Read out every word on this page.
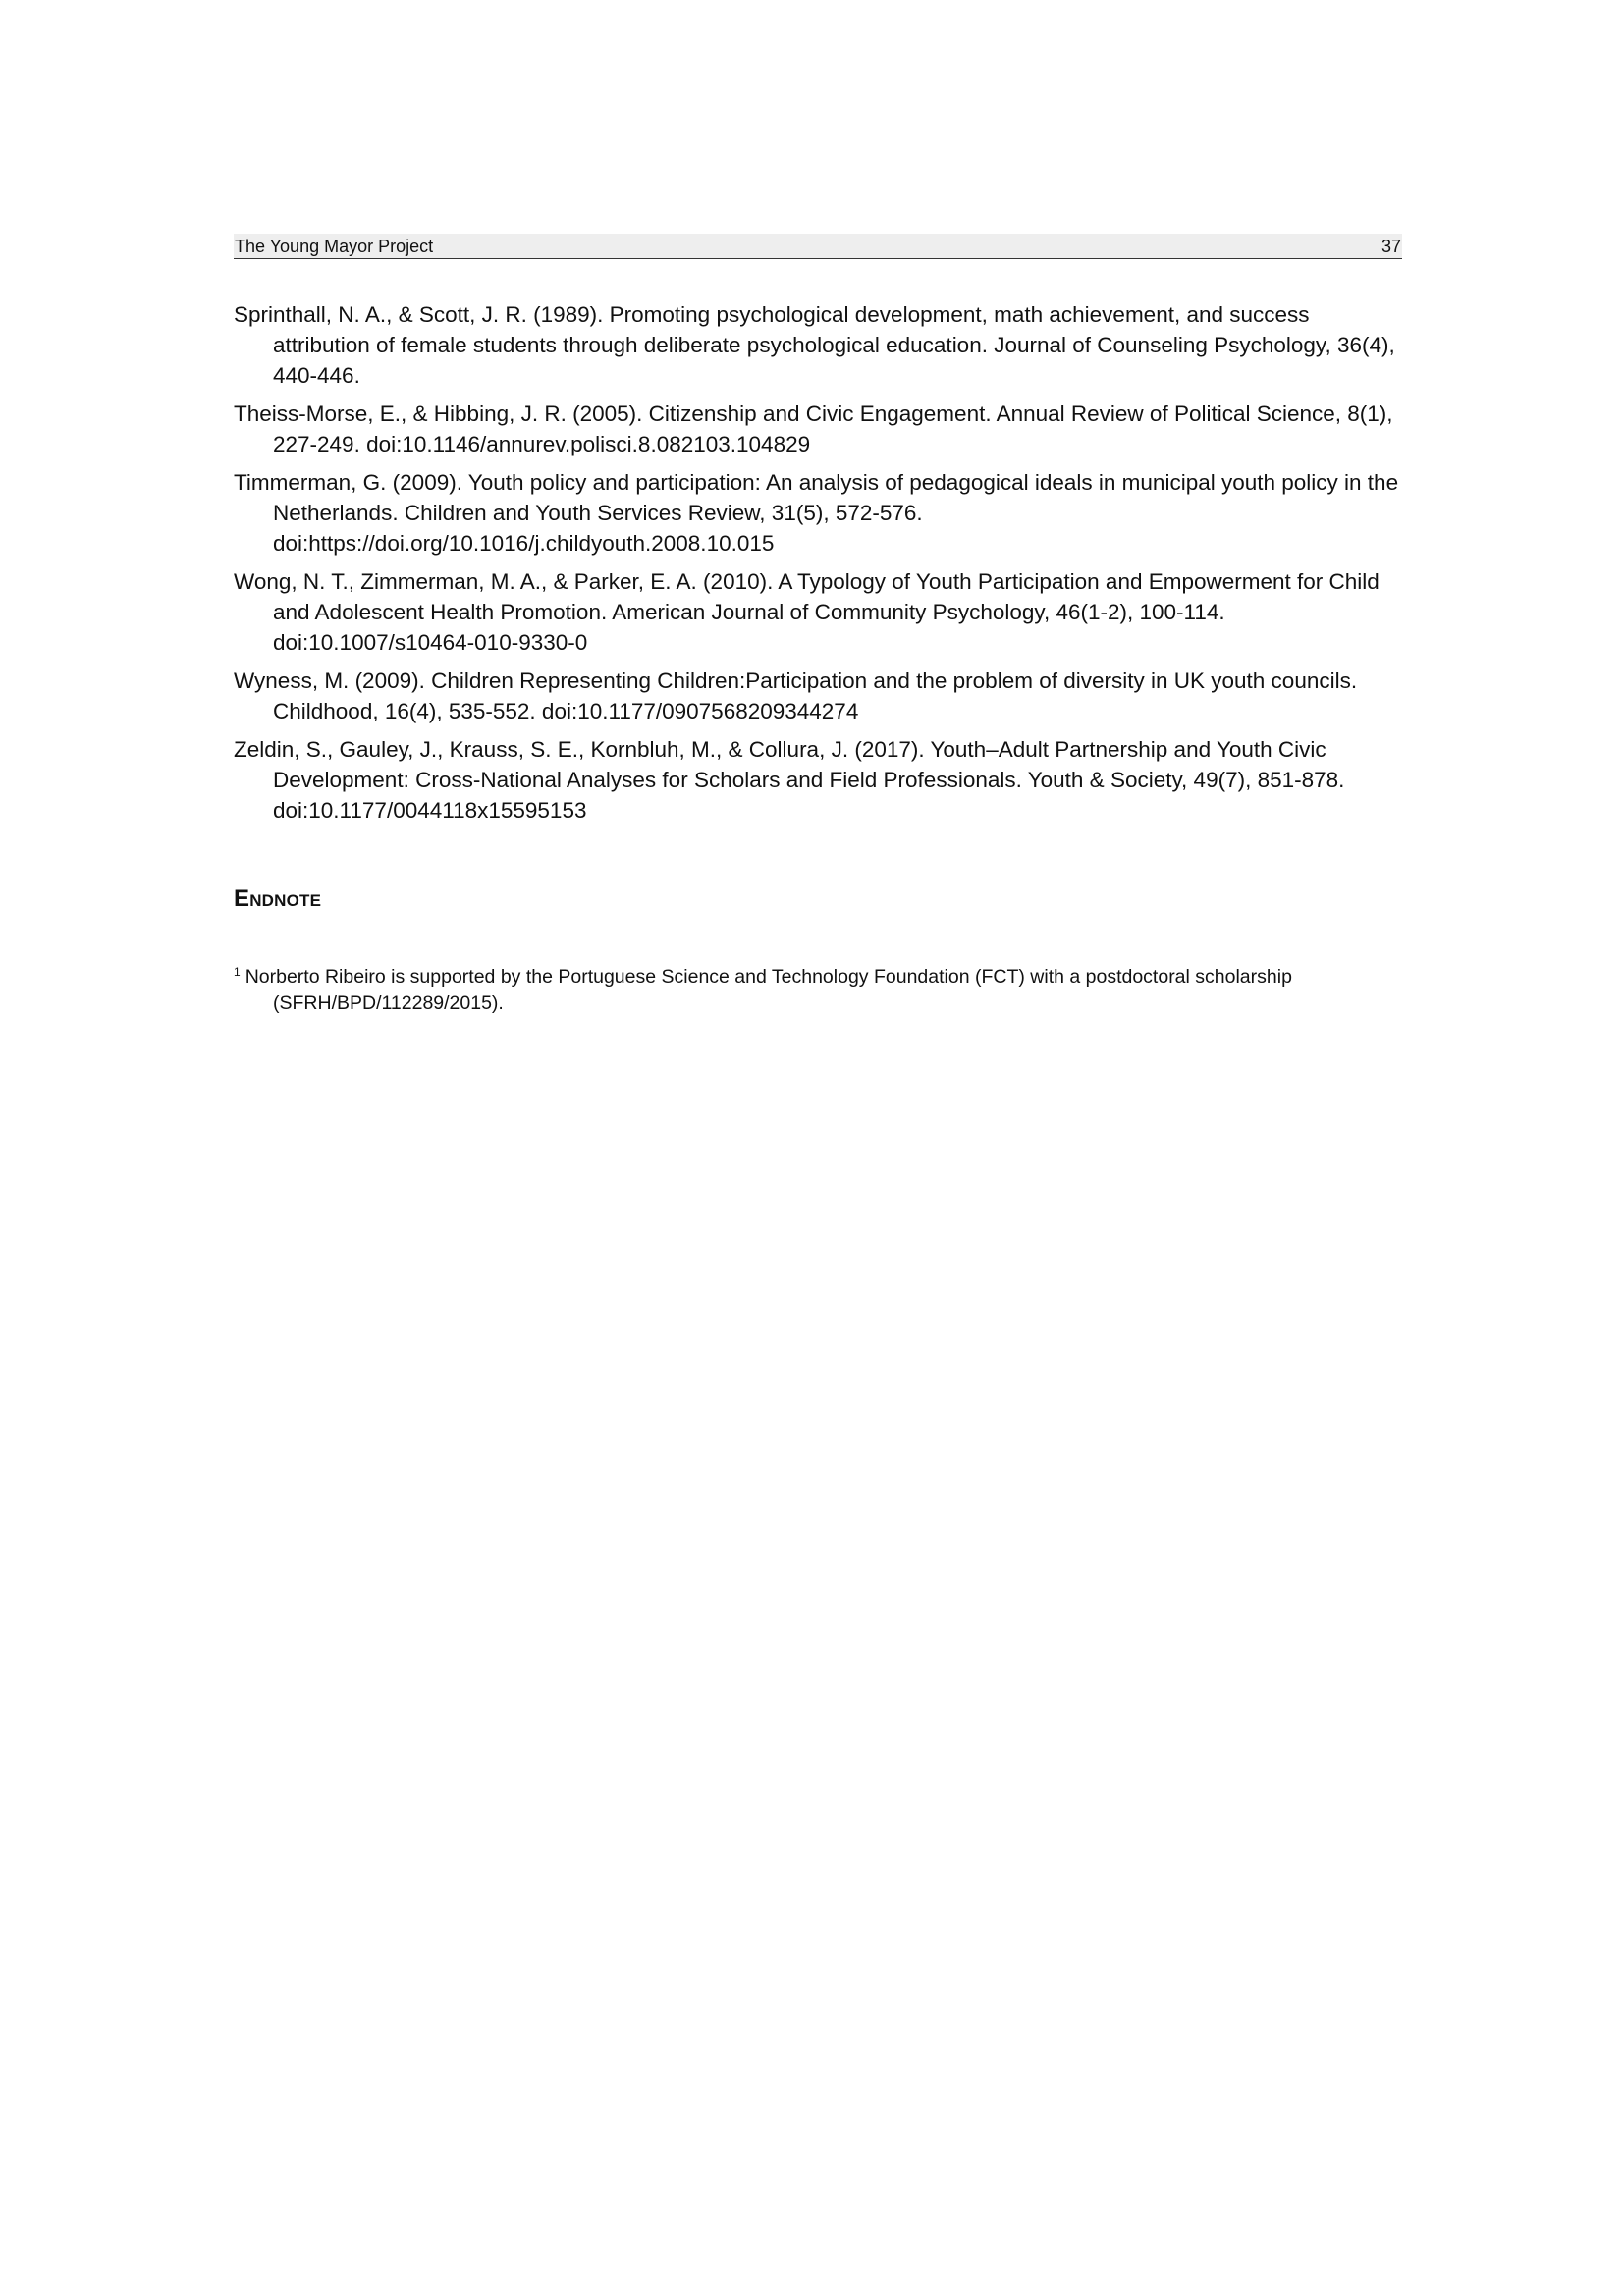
The Young Mayor Project	37

Sprinthall, N. A., & Scott, J. R. (1989). Promoting psychological development, math achievement, and success attribution of female students through deliberate psychological education. Journal of Counseling Psychology, 36(4), 440-446.

Theiss-Morse, E., & Hibbing, J. R. (2005). Citizenship and Civic Engagement. Annual Review of Political Science, 8(1), 227-249. doi:10.1146/annurev.polisci.8.082103.104829

Timmerman, G. (2009). Youth policy and participation: An analysis of pedagogical ideals in municipal youth policy in the Netherlands. Children and Youth Services Review, 31(5), 572-576. doi:https://doi.org/10.1016/j.childyouth.2008.10.015

Wong, N. T., Zimmerman, M. A., & Parker, E. A. (2010). A Typology of Youth Participation and Empowerment for Child and Adolescent Health Promotion. American Journal of Community Psychology, 46(1-2), 100-114. doi:10.1007/s10464-010-9330-0

Wyness, M. (2009). Children Representing Children:Participation and the problem of diversity in UK youth councils. Childhood, 16(4), 535-552. doi:10.1177/0907568209344274

Zeldin, S., Gauley, J., Krauss, S. E., Kornbluh, M., & Collura, J. (2017). Youth–Adult Partnership and Youth Civic Development: Cross-National Analyses for Scholars and Field Professionals. Youth & Society, 49(7), 851-878. doi:10.1177/0044118x15595153

Endnote

$^1$ Norberto Ribeiro is supported by the Portuguese Science and Technology Foundation (FCT) with a postdoctoral scholarship (SFRH/BPD/112289/2015).
